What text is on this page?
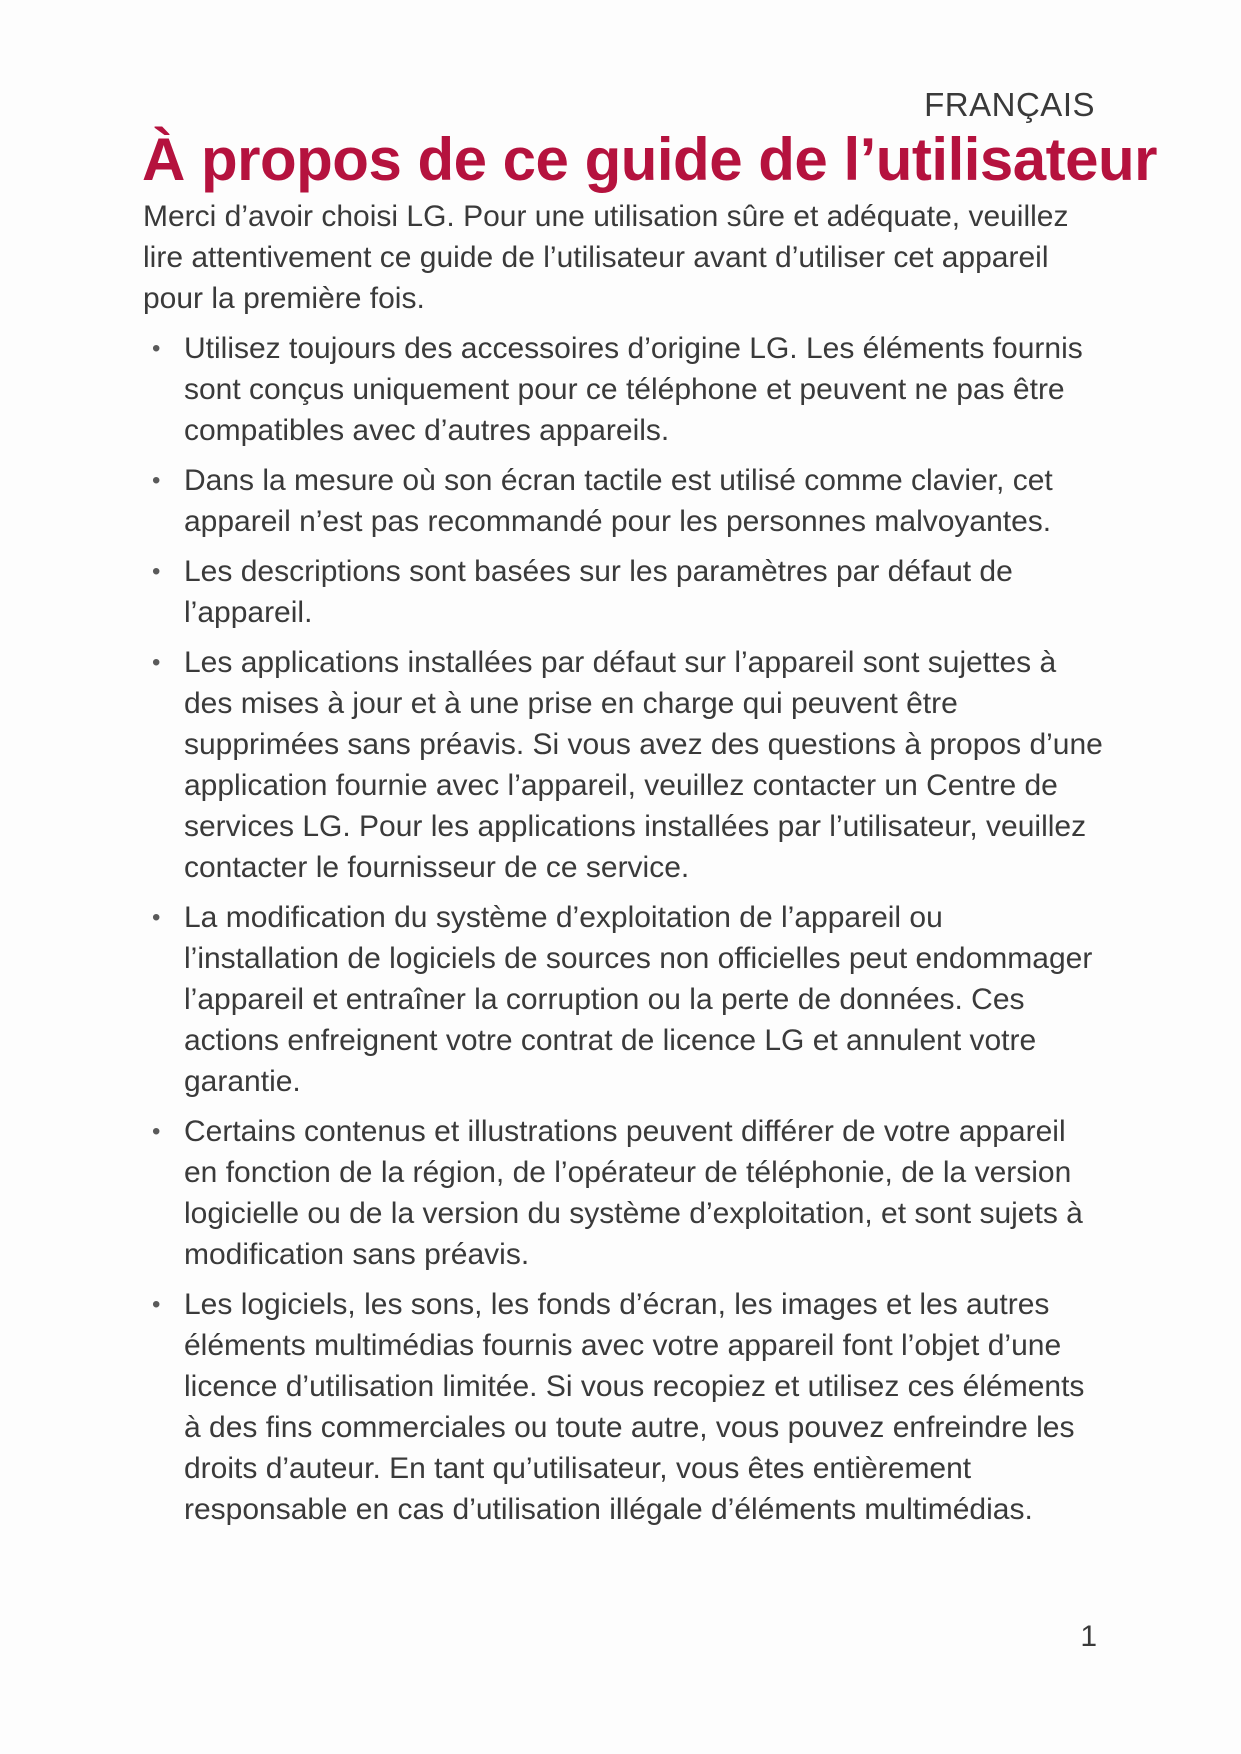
FRANÇAIS
À propos de ce guide de l’utilisateur

Merci d’avoir choisi LG. Pour une utilisation sûre et adéquate, veuillez lire attentivement ce guide de l’utilisateur avant d’utiliser cet appareil pour la première fois.

• Utilisez toujours des accessoires d’origine LG. Les éléments fournis sont conçus uniquement pour ce téléphone et peuvent ne pas être compatibles avec d’autres appareils.
• Dans la mesure où son écran tactile est utilisé comme clavier, cet appareil n’est pas recommandé pour les personnes malvoyantes.
• Les descriptions sont basées sur les paramètres par défaut de l’appareil.
• Les applications installées par défaut sur l’appareil sont sujettes à des mises à jour et à une prise en charge qui peuvent être supprimées sans préavis. Si vous avez des questions à propos d’une application fournie avec l’appareil, veuillez contacter un Centre de services LG. Pour les applications installées par l’utilisateur, veuillez contacter le fournisseur de ce service.
• La modification du système d’exploitation de l’appareil ou l’installation de logiciels de sources non officielles peut endommager l’appareil et entraîner la corruption ou la perte de données. Ces actions enfreignent votre contrat de licence LG et annulent votre garantie.
• Certains contenus et illustrations peuvent différer de votre appareil en fonction de la région, de l’opérateur de téléphonie, de la version logicielle ou de la version du système d’exploitation, et sont sujets à modification sans préavis.
• Les logiciels, les sons, les fonds d’écran, les images et les autres éléments multimédias fournis avec votre appareil font l’objet d’une licence d’utilisation limitée. Si vous recopiez et utilisez ces éléments à des fins commerciales ou toute autre, vous pouvez enfreindre les droits d’auteur. En tant qu’utilisateur, vous êtes entièrement responsable en cas d’utilisation illégale d’éléments multimédias.
1
